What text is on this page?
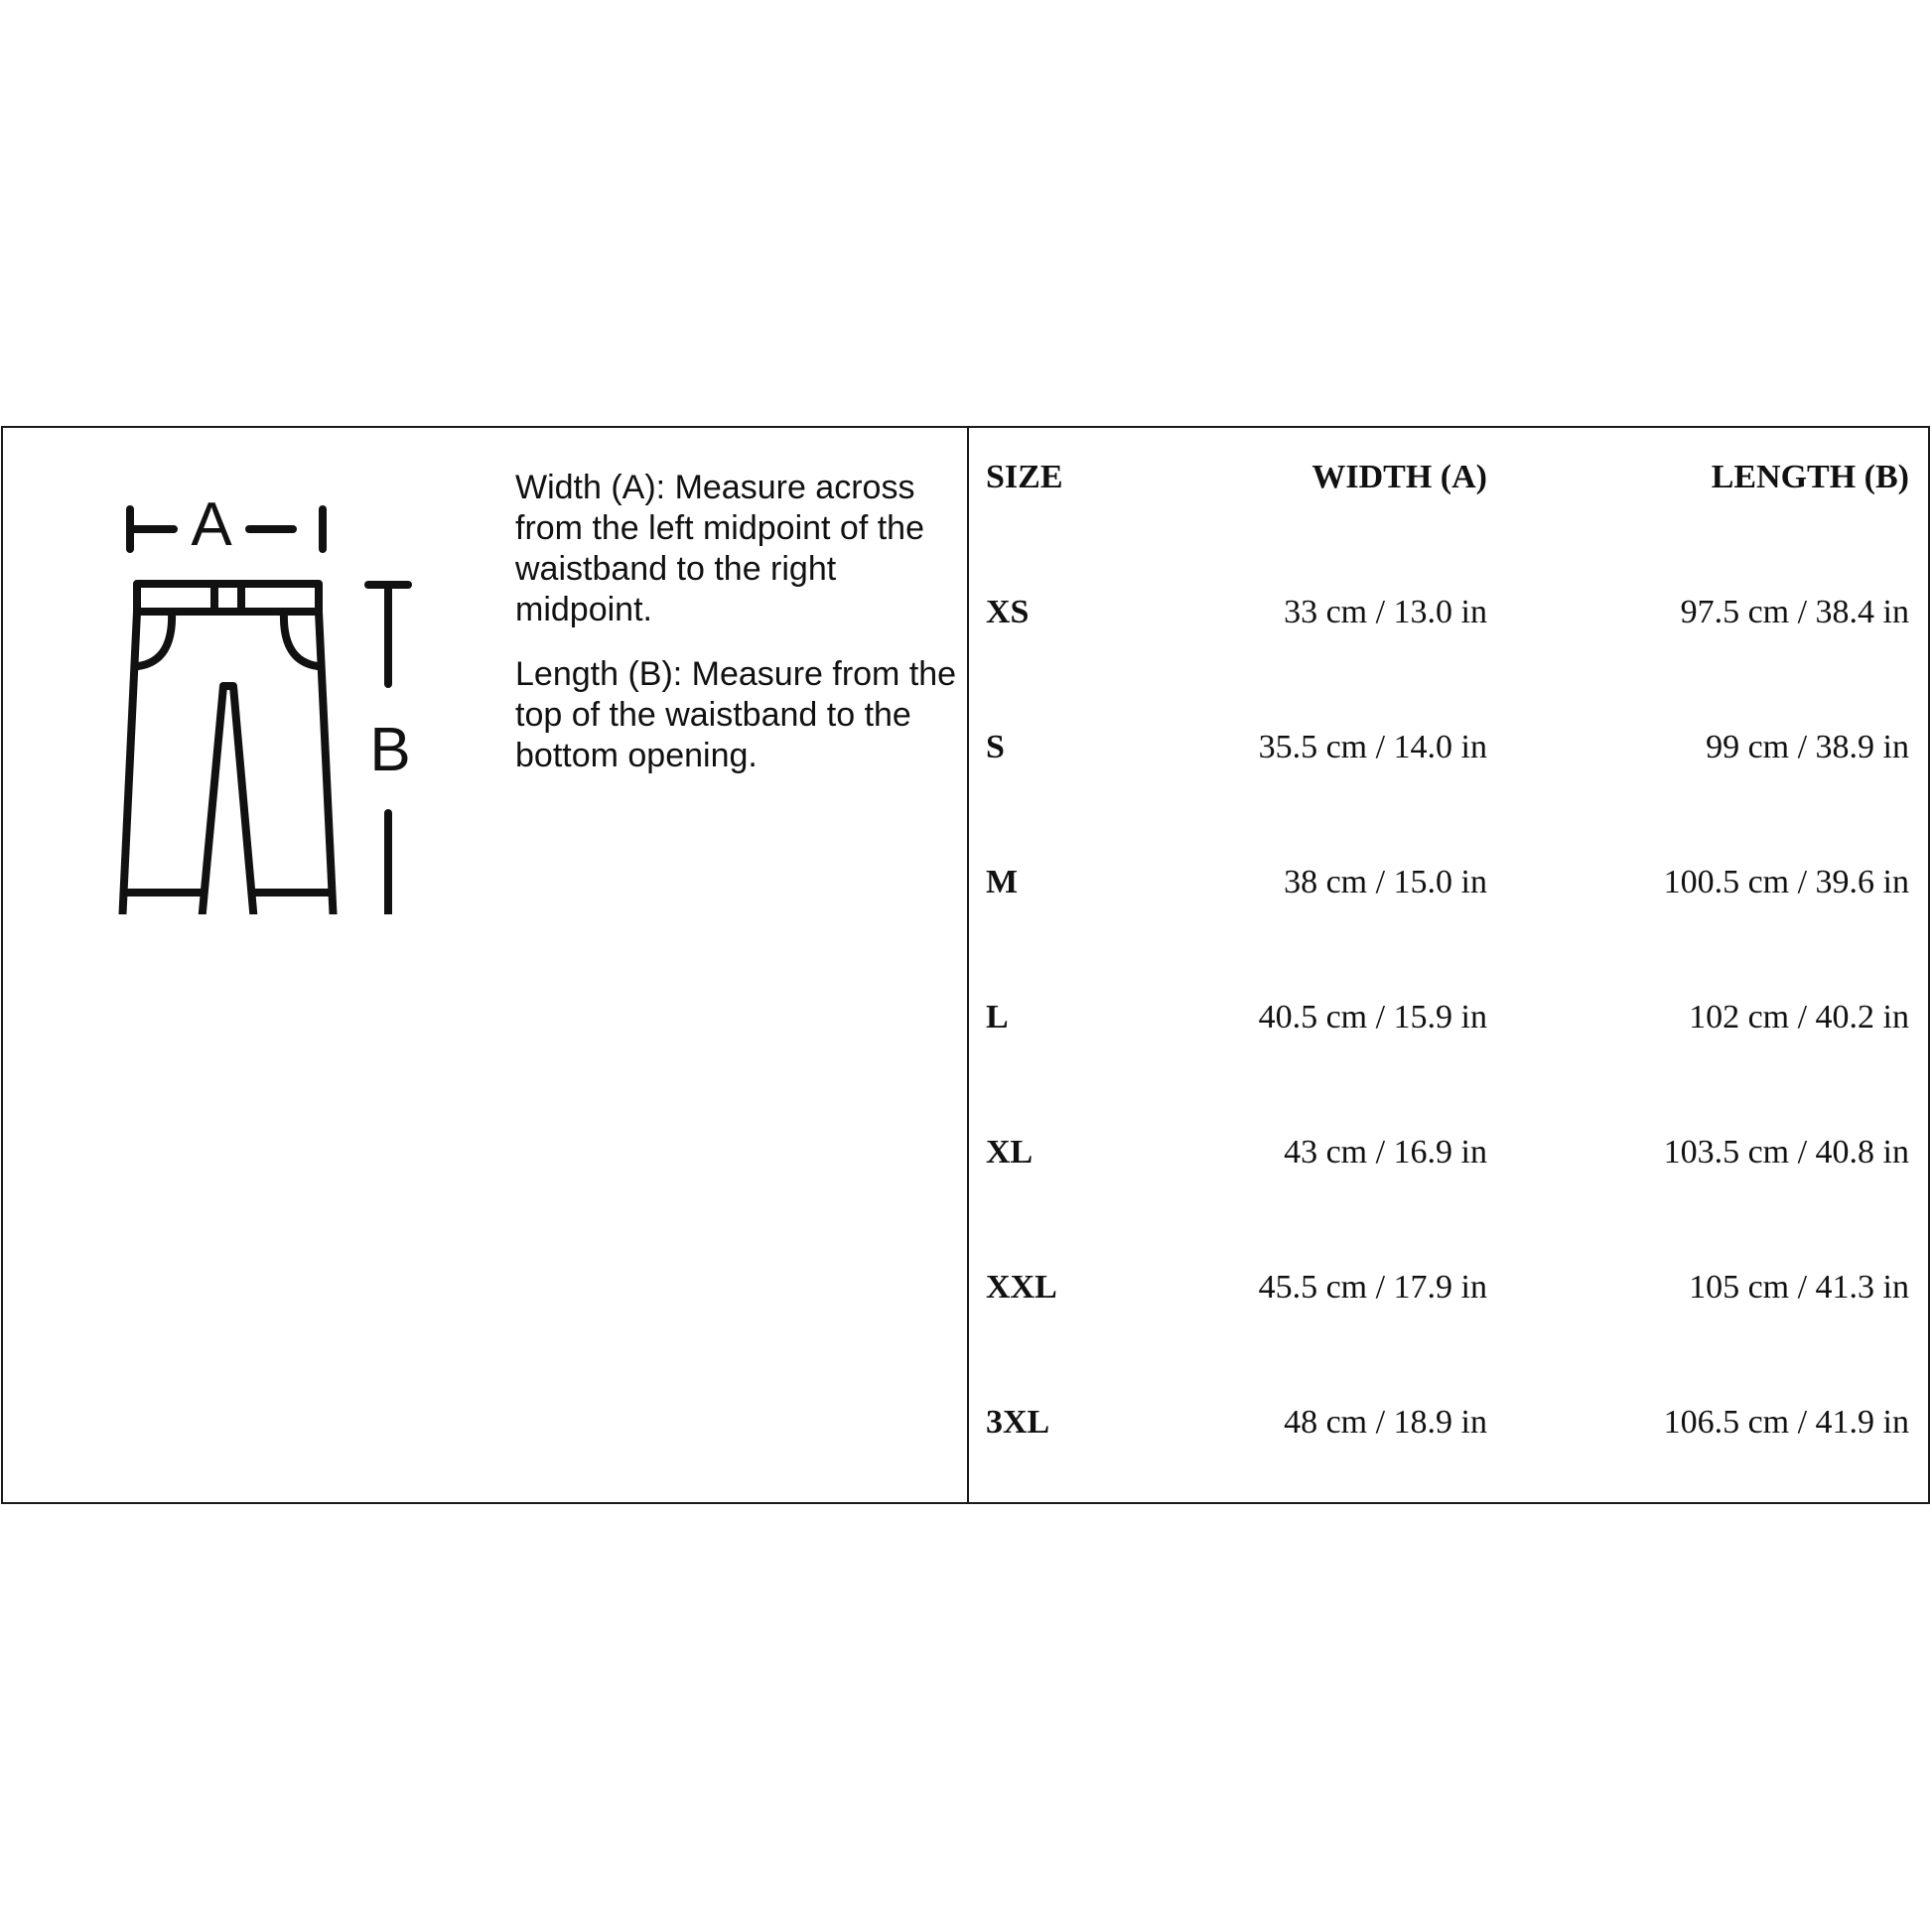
A
B

Width (A): Measure across from the left midpoint of the waistband to the right midpoint.

Length (B): Measure from the top of the waistband to the bottom opening.

SIZE	WIDTH (A)	LENGTH (B)
XS	33 cm / 13.0 in	97.5 cm / 38.4 in
S	35.5 cm / 14.0 in	99 cm / 38.9 in
M	38 cm / 15.0 in	100.5 cm / 39.6 in
L	40.5 cm / 15.9 in	102 cm / 40.2 in
XL	43 cm / 16.9 in	103.5 cm / 40.8 in
XXL	45.5 cm / 17.9 in	105 cm / 41.3 in
3XL	48 cm / 18.9 in	106.5 cm / 41.9 in
